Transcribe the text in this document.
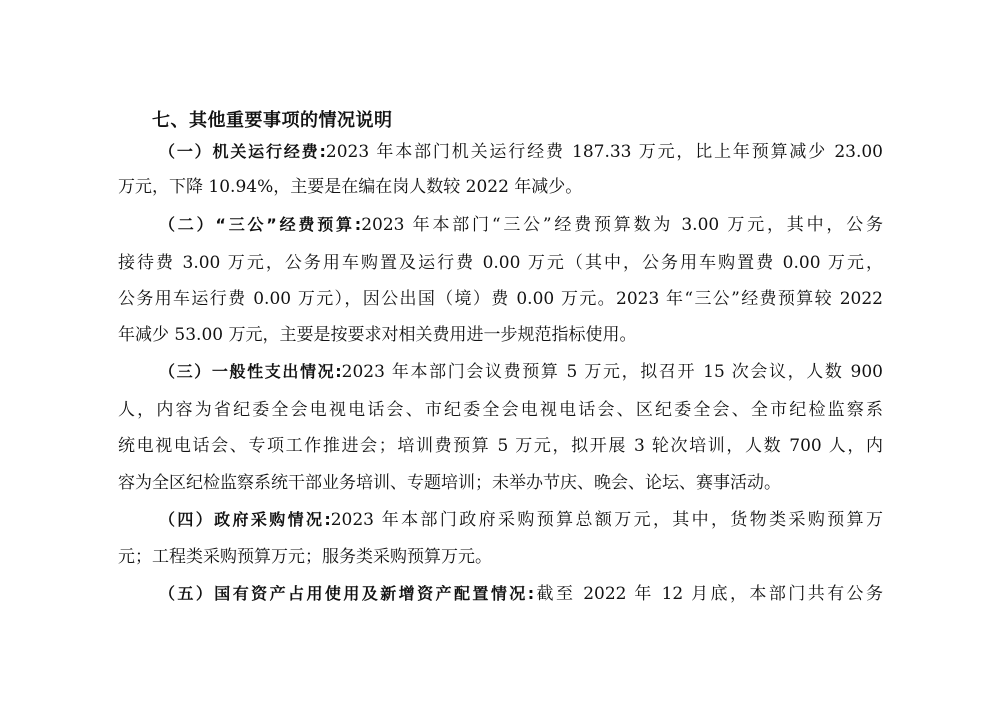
七、其他重要事项的情况说明
（一）机关运行经费:2023 年本部门机关运行经费 187.33 万元，比上年预算减少 23.00
万元，下降 10.94%，主要是在编在岗人数较 2022 年减少。
（二）“三公”经费预算:2023 年本部门“三公”经费预算数为 3.00 万元，其中，公务
接待费 3.00 万元，公务用车购置及运行费 0.00 万元（其中，公务用车购置费 0.00 万元，
公务用车运行费 0.00 万元），因公出国（境）费 0.00 万元。2023 年“三公”经费预算较 2022
年减少 53.00 万元，主要是按要求对相关费用进一步规范指标使用。
（三）一般性支出情况:2023 年本部门会议费预算 5 万元，拟召开 15 次会议，人数 900
人，内容为省纪委全会电视电话会、市纪委全会电视电话会、区纪委全会、全市纪检监察系
统电视电话会、专项工作推进会；培训费预算 5 万元，拟开展 3 轮次培训，人数 700 人，内
容为全区纪检监察系统干部业务培训、专题培训；未举办节庆、晚会、论坛、赛事活动。
（四）政府采购情况:2023 年本部门政府采购预算总额万元，其中，货物类采购预算万
元；工程类采购预算万元；服务类采购预算万元。
（五）国有资产占用使用及新增资产配置情况:截至 2022 年 12 月底，本部门共有公务
